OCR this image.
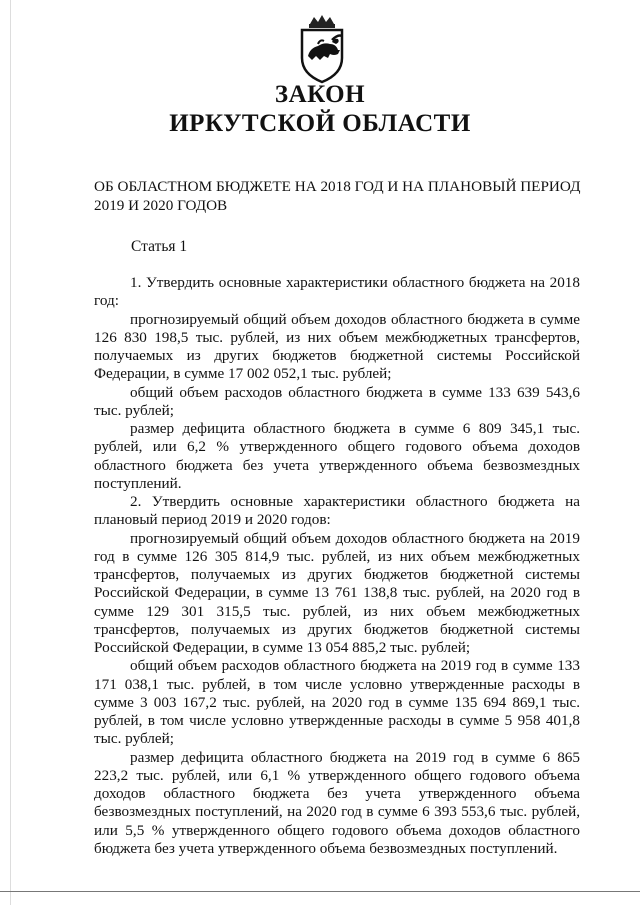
ЗАКОН
ИРКУТСКОЙ ОБЛАСТИ
ОБ ОБЛАСТНОМ БЮДЖЕТЕ НА 2018 ГОД И НА ПЛАНОВЫЙ ПЕРИОД 2019 И 2020 ГОДОВ
Статья 1

1. Утвердить основные характеристики областного бюджета на 2018 год:

прогнозируемый общий объем доходов областного бюджета в сумме 126 830 198,5 тыс. рублей, из них объем межбюджетных трансфертов, получаемых из других бюджетов бюджетной системы Российской Федерации, в сумме 17 002 052,1 тыс. рублей;

общий объем расходов областного бюджета в сумме 133 639 543,6 тыс. рублей;

размер дефицита областного бюджета в сумме 6 809 345,1 тыс. рублей, или 6,2 % утвержденного общего годового объема доходов областного бюджета без учета утвержденного объема безвозмездных поступлений.

2. Утвердить основные характеристики областного бюджета на плановый период 2019 и 2020 годов:

прогнозируемый общий объем доходов областного бюджета на 2019 год в сумме 126 305 814,9 тыс. рублей, из них объем межбюджетных трансфертов, получаемых из других бюджетов бюджетной системы Российской Федерации, в сумме 13 761 138,8 тыс. рублей, на 2020 год в сумме 129 301 315,5 тыс. рублей, из них объем межбюджетных трансфертов, получаемых из других бюджетов бюджетной системы Российской Федерации, в сумме 13 054 885,2 тыс. рублей;

общий объем расходов областного бюджета на 2019 год в сумме 133 171 038,1 тыс. рублей, в том числе условно утвержденные расходы в сумме 3 003 167,2 тыс. рублей, на 2020 год в сумме 135 694 869,1 тыс. рублей, в том числе условно утвержденные расходы в сумме 5 958 401,8 тыс. рублей;

размер дефицита областного бюджета на 2019 год в сумме 6 865 223,2 тыс. рублей, или 6,1 % утвержденного общего годового объема доходов областного бюджета без учета утвержденного объема безвозмездных поступлений, на 2020 год в сумме 6 393 553,6 тыс. рублей, или 5,5 % утвержденного общего годового объема доходов областного бюджета без учета утвержденного объема безвозмездных поступлений.
